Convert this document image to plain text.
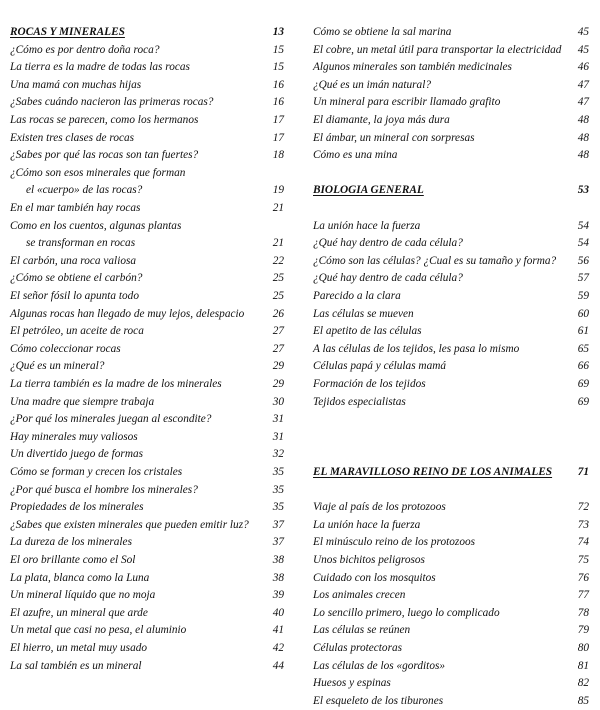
ROCAS Y MINERALES	13
¿Cómo es por dentro doña roca?	15
La tierra es la madre de todas las rocas	15
Una mamá con muchas hijas	16
¿Sabes cuándo nacieron las primeras rocas?	16
Las rocas se parecen, como los hermanos	17
Existen tres clases de rocas	17
¿Sabes por qué las rocas son tan fuertes?	18
¿Cómo son esos minerales que forman
el «cuerpo» de las rocas?	19
En el mar también hay rocas	21
Como en los cuentos, algunas plantas
se transforman en rocas	21
El carbón, una roca valiosa	22
¿Cómo se obtiene el carbón?	25
El señor fósil lo apunta todo	25
Algunas rocas han llegado de muy lejos, delespacio	26
El petróleo, un aceite de roca	27
Cómo coleccionar rocas	27
¿Qué es un mineral?	29
La tierra también es la madre de los minerales	29
Una madre que siempre trabaja	30
¿Por qué los minerales juegan al escondite?	31
Hay minerales muy valiosos	31
Un divertido juego de formas	32
Cómo se forman y crecen los cristales	35
¿Por qué busca el hombre los minerales?	35
Propiedades de los minerales	35
¿Sabes que existen minerales que pueden emitir luz? 37
La dureza de los minerales	37
El oro brillante como el Sol	38
La plata, blanca como la Luna	38
Un mineral líquido que no moja	39
El azufre, un mineral que arde	40
Un metal que casi no pesa, el aluminio	41
El hierro, un metal muy usado	42
La sal también es un mineral	44
Cómo se obtiene la sal marina	45
El cobre, un metal útil para transportar la electricidad 45
Algunos minerales son también medicinales	46
¿Qué es un imán natural?	47
Un mineral para escribir llamado grafito	47
El diamante, la joya más dura	48
El ámbar, un mineral con sorpresas	48
Cómo es una mina	48
BIOLOGIA GENERAL	53
La unión hace la fuerza	54
¿Qué hay dentro de cada célula?	54
¿Cómo son las células? ¿Cual es su tamaño y forma? 56
¿Qué hay dentro de cada célula?	57
Parecido a la clara	59
Las células se mueven	60
El apetito de las células	61
A las células de los tejidos, les pasa lo mismo	65
Células papá y células mamá	66
Formación de los tejidos	69
Tejidos especialistas	69
EL MARAVILLOSO REINO DE LOS ANIMALES 71
Viaje al país de los protozoos	72
La unión hace la fuerza	73
El minúsculo reino de los protozoos	74
Unos bichitos peligrosos	75
Cuidado con los mosquitos	76
Los animales crecen	77
Lo sencillo primero, luego lo complicado	78
Las células se reúnen	79
Células protectoras	80
Las células de los «gorditos»	81
Huesos y espinas	82
El esqueleto de los tiburones	85
